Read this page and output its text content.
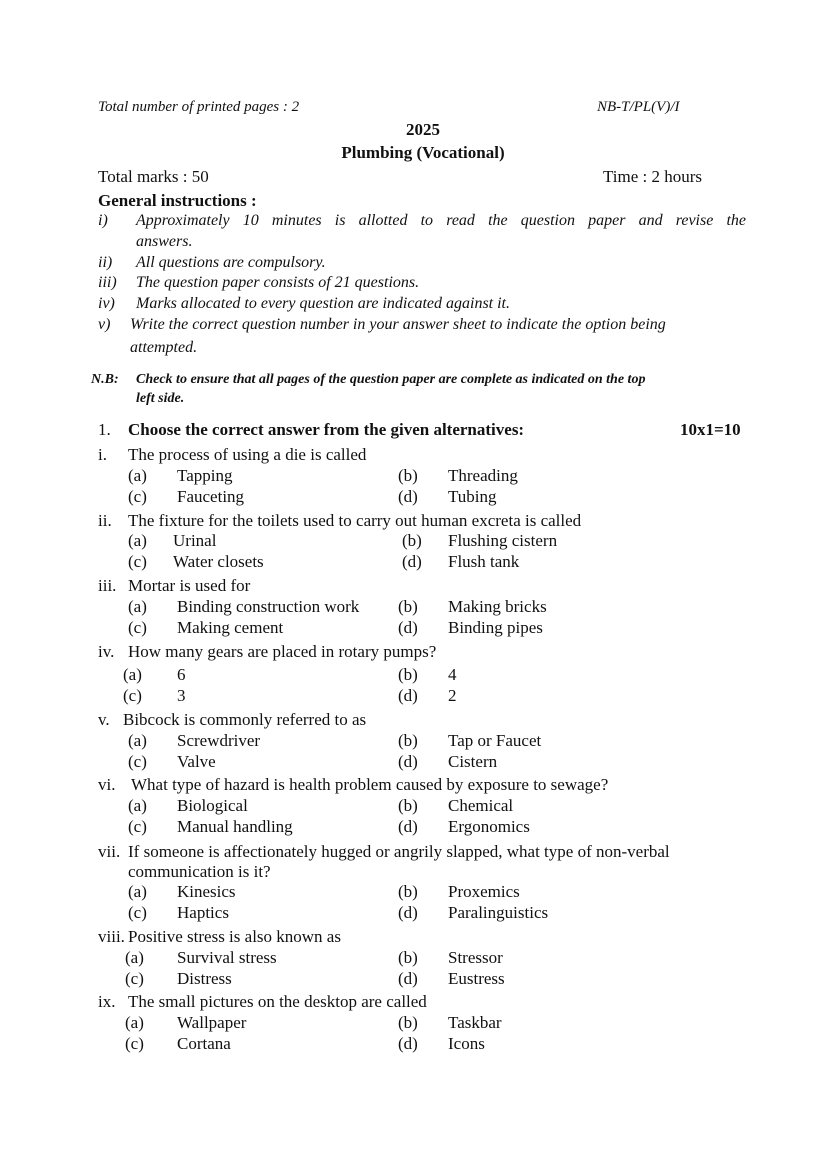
Total number of printed pages : 2	NB-T/PL(V)/I
2025
Plumbing (Vocational)
Total marks : 50	Time : 2 hours
General instructions :
i) Approximately 10 minutes is allotted to read the question paper and revise the
answers.
ii) All questions are compulsory.
iii) The question paper consists of 21 questions.
iv) Marks allocated to every question are indicated against it.
v) Write the correct question number in your answer sheet to indicate the option being
attempted.
N.B: Check to ensure that all pages of the question paper are complete as indicated on the top
left side.
1. Choose the correct answer from the given alternatives:	10x1=10
i. The process of using a die is called
(a) Tapping	(b) Threading
(c) Fauceting	(d) Tubing
ii. The fixture for the toilets used to carry out human excreta is called
(a) Urinal	(b) Flushing cistern
(c) Water closets	(d) Flush tank
iii. Mortar is used for
(a) Binding construction work (b) Making bricks
(c) Making cement	(d) Binding pipes
iv. How many gears are placed in rotary pumps?
(a) 6	(b) 4
(c) 3	(d) 2
v. Bibcock is commonly referred to as
(a) Screwdriver	(b) Tap or Faucet
(c) Valve	(d) Cistern
vi. What type of hazard is health problem caused by exposure to sewage?
(a) Biological	(b) Chemical
(c) Manual handling	(d) Ergonomics
vii. If someone is affectionately hugged or angrily slapped, what type of non-verbal
communication is it?
(a) Kinesics	(b) Proxemics
(c) Haptics	(d) Paralinguistics
viii. Positive stress is also known as
(a) Survival stress	(b) Stressor
(c) Distress	(d) Eustress
ix. The small pictures on the desktop are called
(a) Wallpaper	(b) Taskbar
(c) Cortana	(d) Icons
